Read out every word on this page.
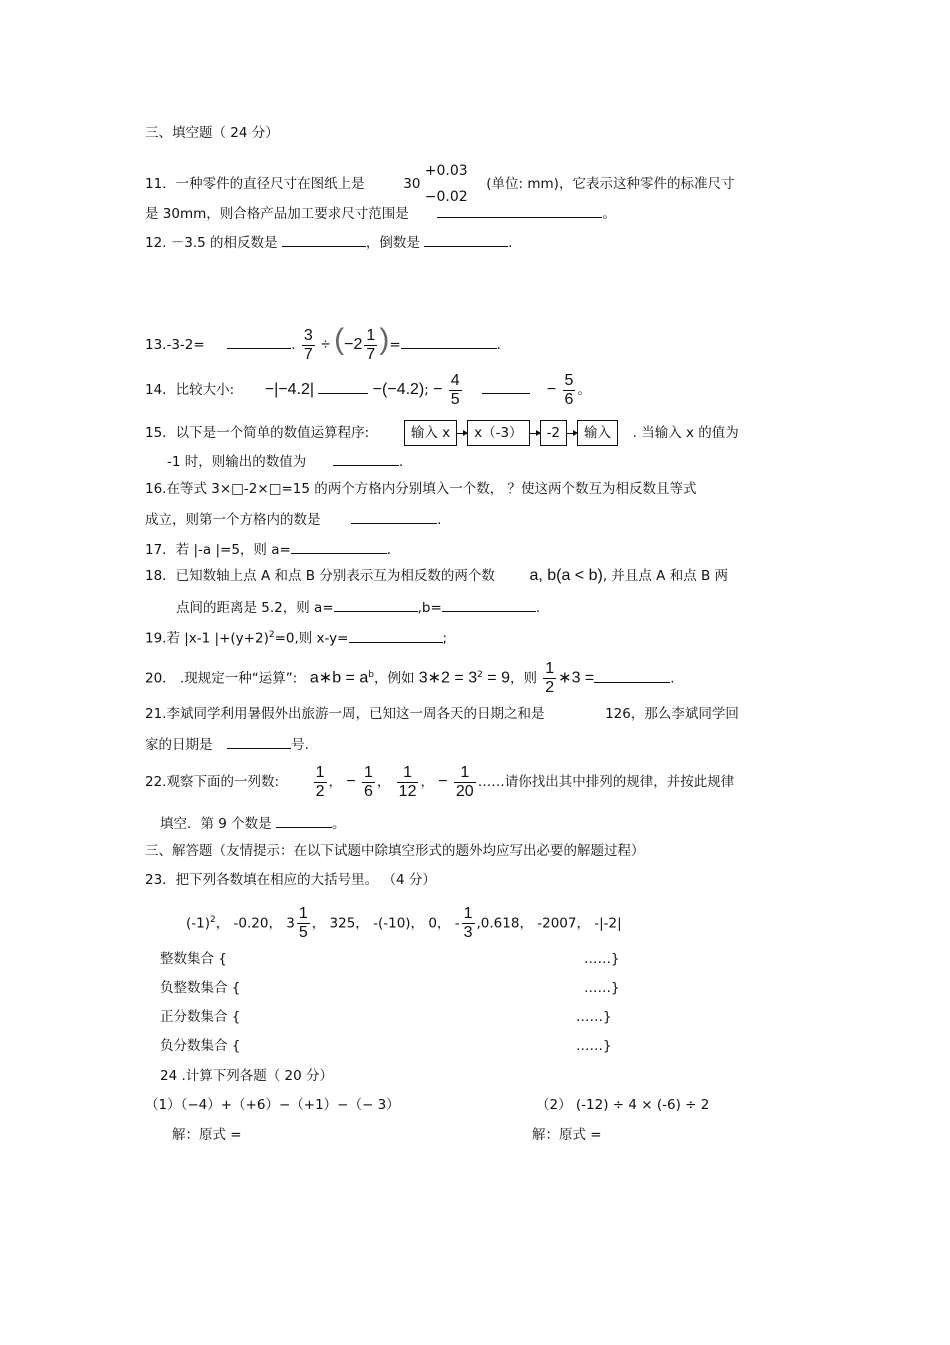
三、填空题（ 24 分）
11．一种零件的直径尺寸在图纸上是	30 +0.03
−0.02  (单位: mm)，它表示这种零件的标准尺寸
是 30mm，则合格产品加工要求尺寸范围是	。
12. －3.5 的相反数是	，倒数是	.
13.-3-2=	. $\frac{3}{7} \div (-2 \frac{1}{7}$ )=	.
14．比较大小: −|−4.2|	−(−4.2); − $\frac{4}{5}$	− $\frac{5}{6}$ 。
15．以下是一个简单的数值运算程序:	输入 x x（-3） -2 输入 . 当输入 x 的值为
-1 时，则输出的数值为	.
16.在等式 3×□-2×□=15 的两个方格内分别填入一个数， ？使这两个数互为相反数且等式
成立，则第一个方格内的数是	.
17．若 |-a |=5，则 a=	.
18．已知数轴上点 A 和点 B 分别表示互为相反数的两个数 a, b(a < b), 并且点 A 和点 B 两
点间的距离是 5.2，则 a=	,b=	.
19.若 |x-1 $|+(y+2)^2=0$,则 x-y=	;
20． .现规定一种“运算”: a∗b = $a^b$，例如 3∗2 = $3^2 = 9$，则 $\frac{1}{2}$ ∗3 =	.
21.李斌同学利用暑假外出旅游一周，已知这一周各天的日期之和是	126，那么李斌同学回
家的日期是	号.
22.观察下面的一列数: $\frac{1}{2}$ ， − $\frac{1}{6}$ ， $\frac{1}{12}$ ， − $\frac{1}{20}$ ……请你找出其中排列的规律，并按此规律
填空．第 9 个数是	。
三、解答题（友情提示：在以下试题中除填空形式的题外均应写出必要的解题过程）
23．把下列各数填在相应的大括号里。 （4 分）
$(-1)^2$， -0.20， $3 \frac{1}{5}$ ， 325， -(-10)， 0， - $\frac{1}{3} ,0.618$， -2007， -|-2|
整数集合 {	……}
负整数集合 {	……}
正分数集合 {	……}
负分数集合 {	……}
24 .计算下列各题（ 20 分）
（1）（−4）+（+6）−（+1）−（− 3）	（2） (-12) ÷ 4 × (-6) ÷ 2
解：原式 =	解：原式 =
